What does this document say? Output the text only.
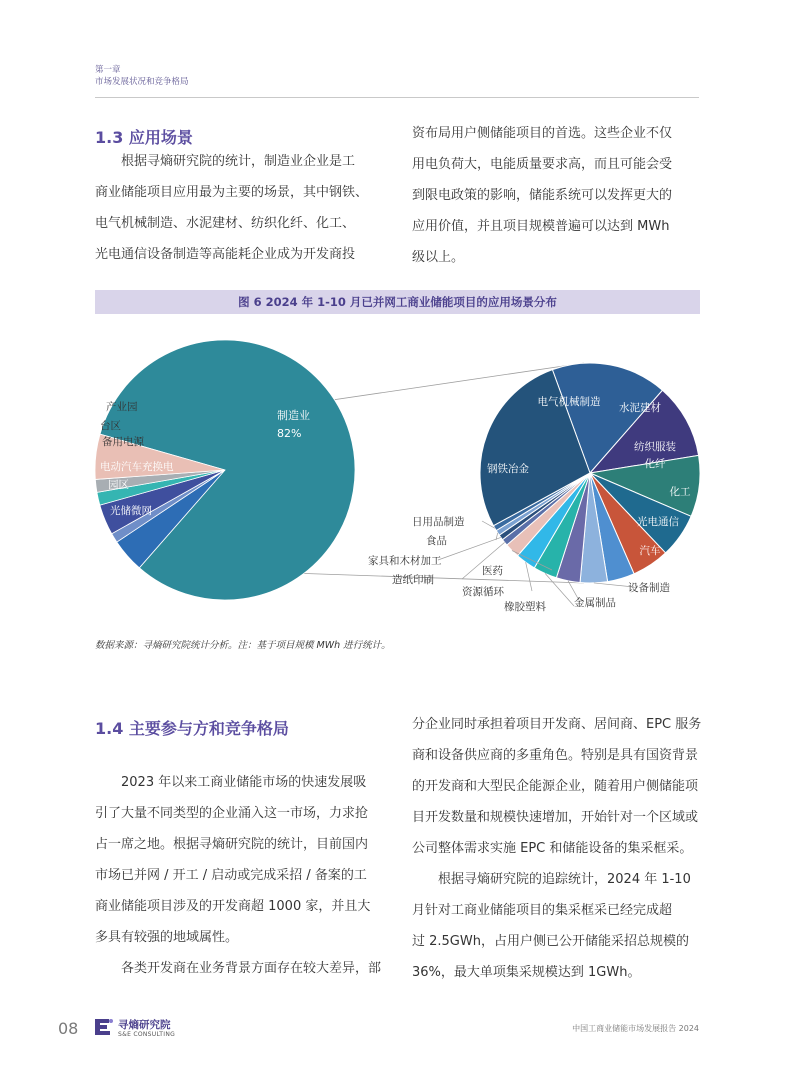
第一章
市场发展状况和竞争格局
1.3 应用场景
根据寻熵研究院的统计，制造业企业是工
商业储能项目应用最为主要的场景，其中钢铁、
电气机械制造、水泥建材、纺织化纤、化工、
光电通信设备制造等高能耗企业成为开发商投
资布局用户侧储能项目的首选。这些企业不仅
用电负荷大，电能质量要求高，而且可能会受
到限电政策的影响，储能系统可以发挥更大的
应用价值，并且项目规模普遍可以达到 MWh
级以上。
图 6 2024 年 1-10 月已并网工商业储能项目的应用场景分布
制造业
82%
光储微网
园区
电动汽车充换电
备用电源
台区
产业园	电气机械制造 水泥建材
纺织服装
化纤
化工
光电通信
汽车
设备制造
金属制品
橡胶塑料
资源循环
医药
造纸印刷
家具和木材加工
食品
日用品制造
钢铁冶金
数据来源：寻熵研究院统计分析。注：基于项目规模 MWh 进行统计。
1.4 主要参与方和竞争格局
2023 年以来工商业储能市场的快速发展吸
引了大量不同类型的企业涌入这一市场，力求抢
占一席之地。根据寻熵研究院的统计，目前国内
市场已并网 / 开工 / 启动或完成采招 / 备案的工
商业储能项目涉及的开发商超 1000 家，并且大
多具有较强的地域属性。
各类开发商在业务背景方面存在较大差异，部
分企业同时承担着项目开发商、居间商、EPC 服务
商和设备供应商的多重角色。特别是具有国资背景
的开发商和大型民企能源企业，随着用户侧储能项
目开发数量和规模快速增加，开始针对一个区域或
公司整体需求实施 EPC 和储能设备的集采框采。
根据寻熵研究院的追踪统计，2024 年 1-10
月针对工商业储能项目的集采框采已经完成超
过 2.5GWh，占用户侧已公开储能采招总规模的
36%，最大单项集采规模达到 1GWh。
08	寻熵研究院
S&E CONSULTING
中国工商业储能市场发展报告 2024
